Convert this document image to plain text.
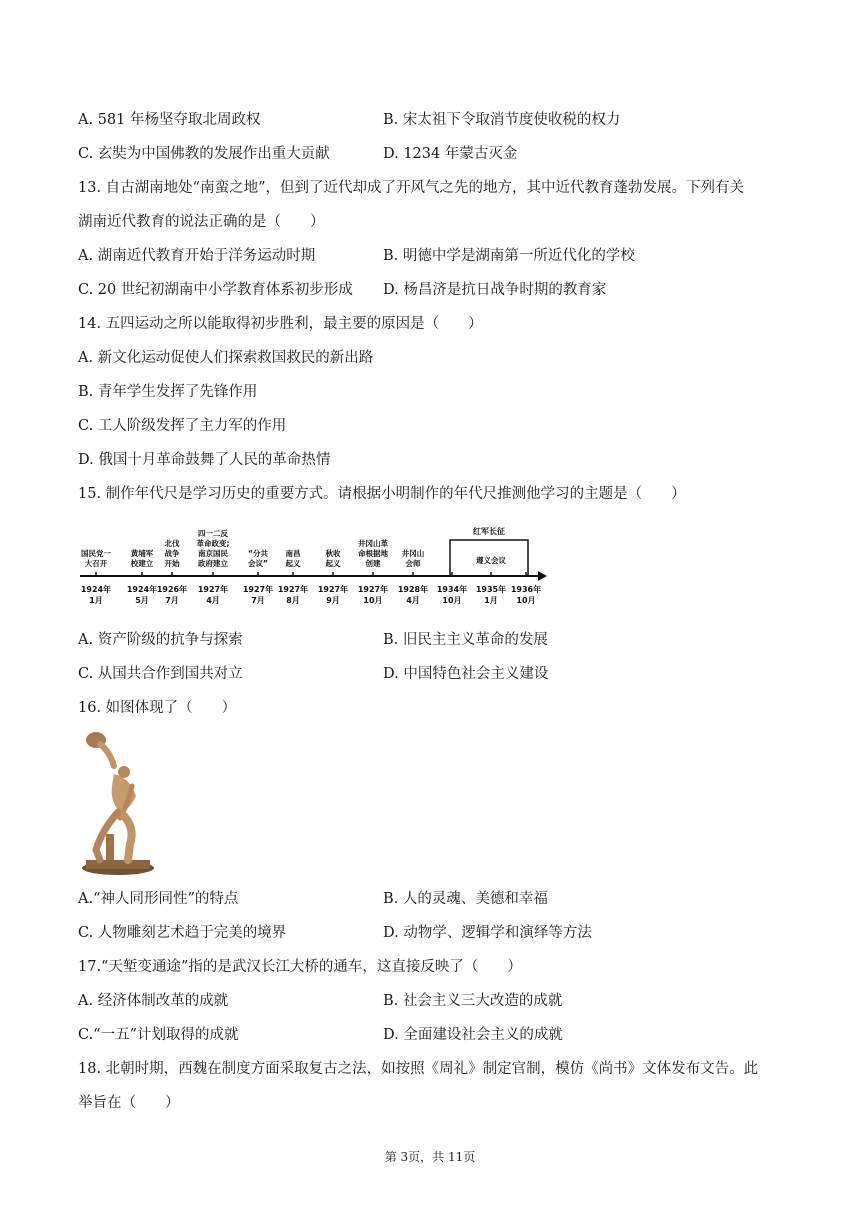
A. 581 年杨坚夺取北周政权	B. 宋太祖下令取消节度使收税的权力
C. 玄奘为中国佛教的发展作出重大贡献	D. 1234 年蒙古灭金
13. 自古湖南地处“南蛮之地”，但到了近代却成了开风气之先的地方，其中近代教育蓬勃发展。下列有关
湖南近代教育的说法正确的是（　　）
A. 湖南近代教育开始于洋务运动时期	B. 明德中学是湖南第一所近代化的学校
C. 20 世纪初湖南中小学教育体系初步形成 D. 杨昌济是抗日战争时期的教育家
14. 五四运动之所以能取得初步胜利，最主要的原因是（　　）
A. 新文化运动促使人们探索救国救民的新出路
B. 青年学生发挥了先锋作用
C. 工人阶级发挥了主力军的作用
D. 俄国十月革命鼓舞了人民的革命热情
15. 制作年代尺是学习历史的重要方式。请根据小明制作的年代尺推测他学习的主题是（　　）
A. 资产阶级的抗争与探索	B. 旧民主主义革命的发展
C. 从国共合作到国共对立	D. 中国特色社会主义建设
16. 如图体现了（　　）
A.“神人同形同性”的特点	B. 人的灵魂、美德和幸福
C. 人物雕刻艺术趋于完美的境界	D. 动物学、逻辑学和演绎等方法
17.“天堑变通途”指的是武汉长江大桥的通车，这直接反映了（　　）
A. 经济体制改革的成就	B. 社会主义三大改造的成就
C.“一五”计划取得的成就	D. 全面建设社会主义的成就
18. 北朝时期，西魏在制度方面采取复古之法，如按照《周礼》制定官制，模仿《尚书》文体发布文告。此
举旨在（　　）
国民党一
大召开
1924年
1月
黄埔军
校建立
1924年
5月
北伐
战争
开始
1926年
7月
四一二反
革命政变;
南京国民
政府建立
1927年
4月
“分共
会议”
1927年
7月
南昌
起义
1927年
8月
秋收
起义
1927年
9月
井冈山革
命根据地
创建
1927年
10月
井冈山
会师
1928年
4月
1934年
10月
遵义会议
1935年
1月
1936年
10月
红军长征
第 3页，共 11页
